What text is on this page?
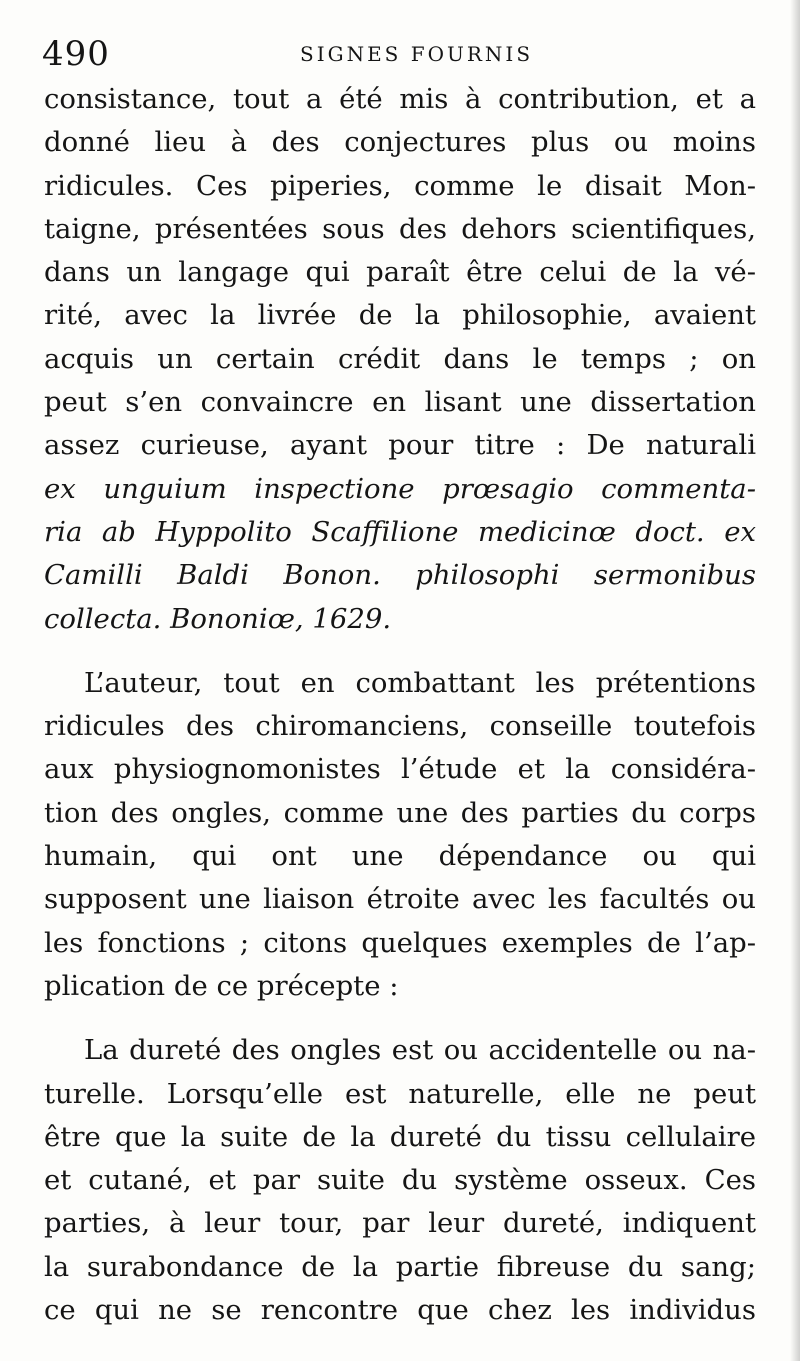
490	SIGNES FOURNIS
consistance, tout a été mis à contribution, et a
donné lieu à des conjectures plus ou moins
ridicules. Ces piperies, comme le disait Mon-
taigne, présentées sous des dehors scientifiques,
dans un langage qui paraît être celui de la vé-
rité, avec la livrée de la philosophie, avaient
acquis un certain crédit dans le temps ; on
peut s’en convaincre en lisant une dissertation
assez curieuse, ayant pour titre : De naturali
ex unguium inspectione prœsagio commenta-
ria ab Hyppolito Scaffilione medicinœ doct. ex
Camilli Baldi Bonon. philosophi sermonibus
collecta. Bononiœ, 1629.
L’auteur, tout en combattant les prétentions
ridicules des chiromanciens, conseille toutefois
aux physiognomonistes l’étude et la considéra-
tion des ongles, comme une des parties du corps
humain, qui ont une dépendance ou qui
supposent une liaison étroite avec les facultés ou
les fonctions ; citons quelques exemples de l’ap-
plication de ce précepte :
La dureté des ongles est ou accidentelle ou na-
turelle. Lorsqu’elle est naturelle, elle ne peut
être que la suite de la dureté du tissu cellulaire
et cutané, et par suite du système osseux. Ces
parties, à leur tour, par leur dureté, indiquent
la surabondance de la partie fibreuse du sang;
ce qui ne se rencontre que chez les individus
